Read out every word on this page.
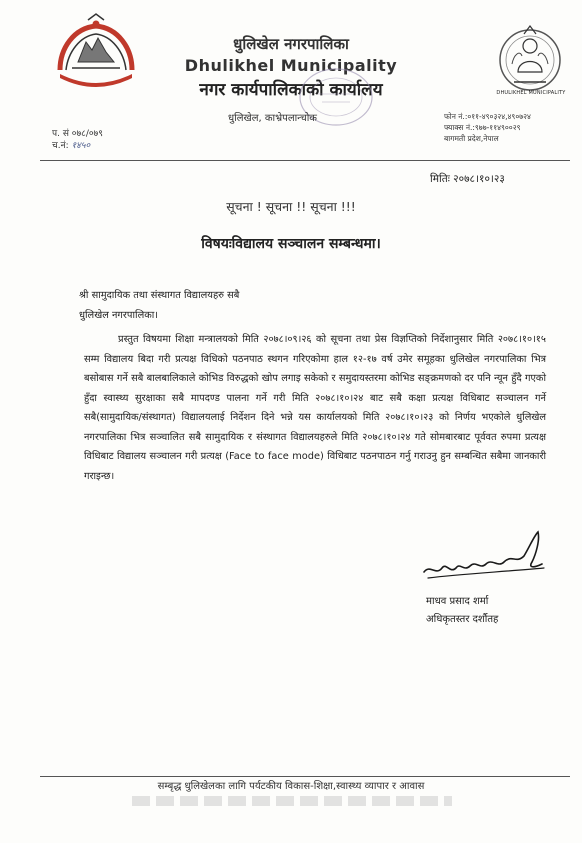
DHULIKHEL MUNICIPALITY
धुलिखेल नगरपालिका
Dhulikhel Municipality
नगर कार्यपालिकाको कार्यालय
धुलिखेल, काभ्रेपलान्चोक	फोन नं.:०११-४९०३२४,४९०७२४
फ्याक्स नं.:९७७-११४९००२९
बागमती प्रदेश,नेपाल
प. सं ०७८/०७९
च.नं: १४५०
मितिः २०७८।१०।२३
सूचना ! सूचना !! सूचना !!!
विषयःविद्यालय सञ्चालन सम्बन्धमा।
श्री सामुदायिक तथा संस्थागत विद्यालयहरु सबै
धुलिखेल नगरपालिका।
प्रस्तुत विषयमा शिक्षा मन्त्रालयको मिति २०७८।०९।२६ को सूचना तथा प्रेस विज्ञप्तिको निर्देशानुसार मिति २०७८।१०।१५ सम्म विद्यालय बिदा गरी प्रत्यक्ष विधिको पठनपाठ स्थगन गरिएकोमा हाल १२-१७ वर्ष उमेर समूहका धुलिखेल नगरपालिका भित्र बसोबास गर्ने सबै बालबालिकाले कोभिड विरुद्धको खोप लगाइ सकेको र समुदायस्तरमा कोभिड सङ्क्रमणको दर पनि न्यून हुँदै गएको हुँदा स्वास्थ्य सुरक्षाका सबै मापदण्ड पालना गर्ने गरी मिति २०७८।१०।२४ बाट सबै कक्षा प्रत्यक्ष विधिबाट सञ्चालन गर्ने सबै(सामुदायिक/संस्थागत) विद्यालयलाई निर्देशन दिने भन्ने यस कार्यालयको मिति २०७८।१०।२३ को निर्णय भएकोले धुलिखेल नगरपालिका भित्र सञ्चालित सबै सामुदायिक र संस्थागत विद्यालयहरुले मिति २०७८।१०।२४ गते सोमबारबाट पूर्ववत रुपमा प्रत्यक्ष विधिबाट विद्यालय सञ्चालन गरी प्रत्यक्ष (Face to face mode) विधिबाट पठनपाठन गर्नु गराउनु हुन सम्बन्धित सबैमा जानकारी गराइन्छ।
माधव प्रसाद शर्मा
अधिकृतस्तर दर्शौतह
सम्बृद्ध धुलिखेलका लागि पर्यटकीय विकास-शिक्षा,स्वास्थ्य व्यापार र आवास
